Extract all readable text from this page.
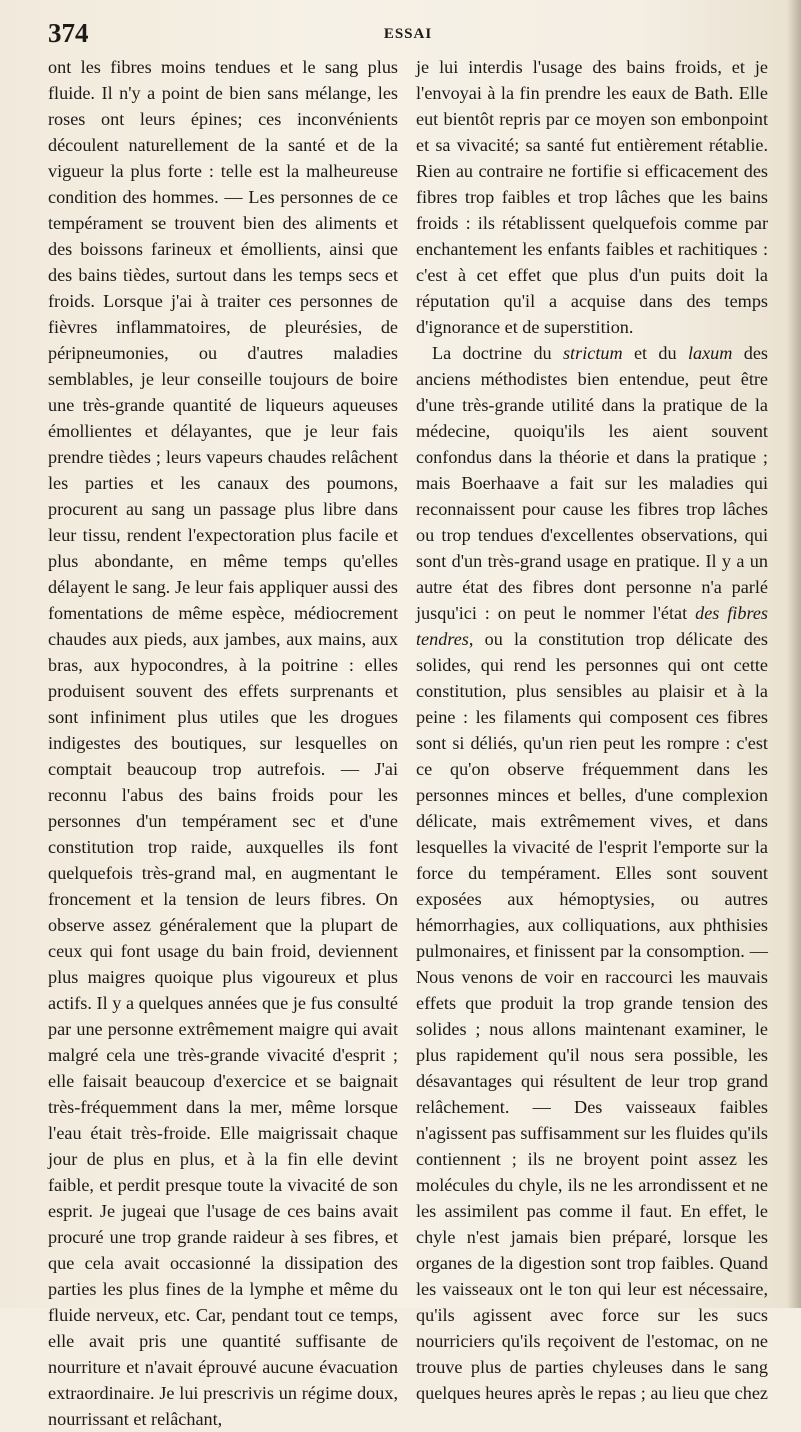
374	ESSAI

ont les fibres moins tendues et le sang plus fluide. Il n'y a point de bien sans mélange, les roses ont leurs épines; ces inconvénients découlent naturellement de la santé et de la vigueur la plus forte : telle est la malheureuse condition des hommes. — Les personnes de ce tempérament se trouvent bien des aliments et des boissons farineux et émollients, ainsi que des bains tièdes, surtout dans les temps secs et froids. Lorsque j'ai à traiter ces personnes de fièvres inflammatoires, de pleurésies, de péripneumonies, ou d'autres maladies semblables, je leur conseille toujours de boire une très-grande quantité de liqueurs aqueuses émollientes et délayantes, que je leur fais prendre tièdes ; leurs vapeurs chaudes relâchent les parties et les canaux des poumons, procurent au sang un passage plus libre dans leur tissu, rendent l'expectoration plus facile et plus abondante, en même temps qu'elles délayent le sang. Je leur fais appliquer aussi des fomentations de même espèce, médiocrement chaudes aux pieds, aux jambes, aux mains, aux bras, aux hypocondres, à la poitrine : elles produisent souvent des effets surprenants et sont infiniment plus utiles que les drogues indigestes des boutiques, sur lesquelles on comptait beaucoup trop autrefois. — J'ai reconnu l'abus des bains froids pour les personnes d'un tempérament sec et d'une constitution trop raide, auxquelles ils font quelquefois très-grand mal, en augmentant le froncement et la tension de leurs fibres. On observe assez généralement que la plupart de ceux qui font usage du bain froid, deviennent plus maigres quoique plus vigoureux et plus actifs. Il y a quelques années que je fus consulté par une personne extrêmement maigre qui avait malgré cela une très-grande vivacité d'esprit ; elle faisait beaucoup d'exercice et se baignait très-fréquemment dans la mer, même lorsque l'eau était très-froide. Elle maigrissait chaque jour de plus en plus, et à la fin elle devint faible, et perdit presque toute la vivacité de son esprit. Je jugeai que l'usage de ces bains avait procuré une trop grande raideur à ses fibres, et que cela avait occasionné la dissipation des parties les plus fines de la lymphe et même du fluide nerveux, etc. Car, pendant tout ce temps, elle avait pris une quantité suffisante de nourriture et n'avait éprouvé aucune évacuation extraordinaire. Je lui prescrivis un régime doux, nourrissant et relâchant,

je lui interdis l'usage des bains froids, et je l'envoyai à la fin prendre les eaux de Bath. Elle eut bientôt repris par ce moyen son embonpoint et sa vivacité; sa santé fut entièrement rétablie. Rien au contraire ne fortifie si efficacement des fibres trop faibles et trop lâches que les bains froids : ils rétablissent quelquefois comme par enchantement les enfants faibles et rachitiques : c'est à cet effet que plus d'un puits doit la réputation qu'il a acquise dans des temps d'ignorance et de superstition.

La doctrine du strictum et du laxum des anciens méthodistes bien entendue, peut être d'une très-grande utilité dans la pratique de la médecine, quoiqu'ils les aient souvent confondus dans la théorie et dans la pratique ; mais Boerhaave a fait sur les maladies qui reconnaissent pour cause les fibres trop lâches ou trop tendues d'excellentes observations, qui sont d'un très-grand usage en pratique. Il y a un autre état des fibres dont personne n'a parlé jusqu'ici : on peut le nommer l'état des fibres tendres, ou la constitution trop délicate des solides, qui rend les personnes qui ont cette constitution, plus sensibles au plaisir et à la peine : les filaments qui composent ces fibres sont si déliés, qu'un rien peut les rompre : c'est ce qu'on observe fréquemment dans les personnes minces et belles, d'une complexion délicate, mais extrêmement vives, et dans lesquelles la vivacité de l'esprit l'emporte sur la force du tempérament. Elles sont souvent exposées aux hémoptysies, ou autres hémorrhagies, aux colliquations, aux phthisies pulmonaires, et finissent par la consomption. — Nous venons de voir en raccourci les mauvais effets que produit la trop grande tension des solides ; nous allons maintenant examiner, le plus rapidement qu'il nous sera possible, les désavantages qui résultent de leur trop grand relâchement. — Des vaisseaux faibles n'agissent pas suffisamment sur les fluides qu'ils contiennent ; ils ne broyent point assez les molécules du chyle, ils ne les arrondissent et ne les assimilent pas comme il faut. En effet, le chyle n'est jamais bien préparé, lorsque les organes de la digestion sont trop faibles. Quand les vaisseaux ont le ton qui leur est nécessaire, qu'ils agissent avec force sur les sucs nourriciers qu'ils reçoivent de l'estomac, on ne trouve plus de parties chyleuses dans le sang quelques heures après le repas ; au lieu que chez
